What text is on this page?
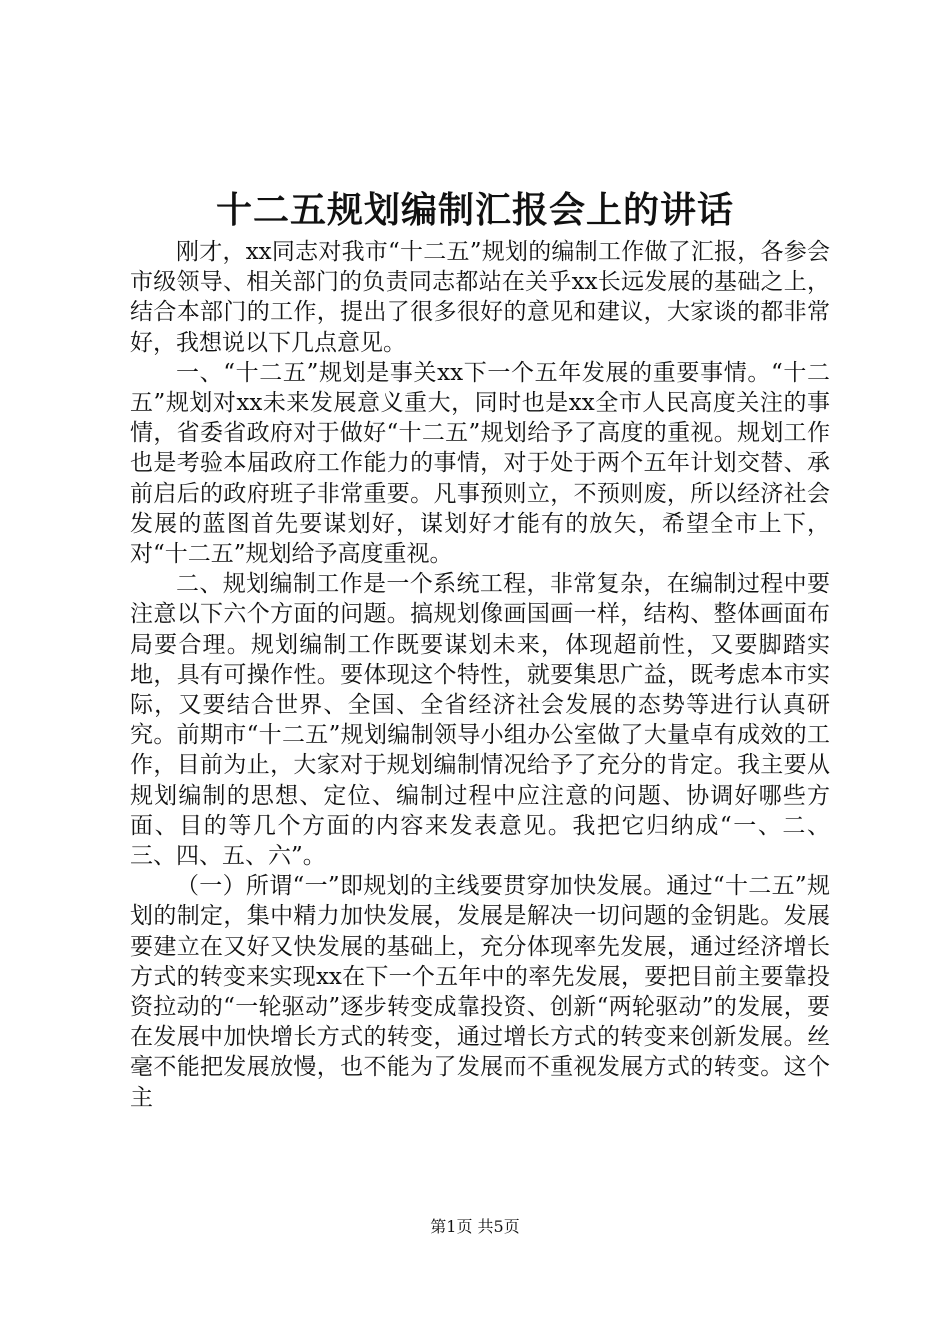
十二五规划编制汇报会上的讲话

刚才，xx同志对我市“十二五”规划的编制工作做了汇报，各参会市级领导、相关部门的负责同志都站在关乎xx长远发展的基础之上，结合本部门的工作，提出了很多很好的意见和建议，大家谈的都非常好，我想说以下几点意见。

一、“十二五”规划是事关xx下一个五年发展的重要事情。“十二五”规划对xx未来发展意义重大，同时也是xx全市人民高度关注的事情，省委省政府对于做好“十二五”规划给予了高度的重视。规划工作也是考验本届政府工作能力的事情，对于处于两个五年计划交替、承前启后的政府班子非常重要。凡事预则立，不预则废，所以经济社会发展的蓝图首先要谋划好，谋划好才能有的放矢，希望全市上下，对“十二五”规划给予高度重视。

二、规划编制工作是一个系统工程，非常复杂，在编制过程中要注意以下六个方面的问题。搞规划像画国画一样，结构、整体画面布局要合理。规划编制工作既要谋划未来，体现超前性，又要脚踏实地，具有可操作性。要体现这个特性，就要集思广益，既考虑本市实际，又要结合世界、全国、全省经济社会发展的态势等进行认真研究。前期市“十二五”规划编制领导小组办公室做了大量卓有成效的工作，目前为止，大家对于规划编制情况给予了充分的肯定。我主要从规划编制的思想、定位、编制过程中应注意的问题、协调好哪些方面、目的等几个方面的内容来发表意见。我把它归纳成“一、二、三、四、五、六”。

（一）所谓“一”即规划的主线要贯穿加快发展。通过“十二五”规划的制定，集中精力加快发展，发展是解决一切问题的金钥匙。发展要建立在又好又快发展的基础上，充分体现率先发展，通过经济增长方式的转变来实现xx在下一个五年中的率先发展，要把目前主要靠投资拉动的“一轮驱动”逐步转变成靠投资、创新“两轮驱动”的发展，要在发展中加快增长方式的转变，通过增长方式的转变来创新发展。丝毫不能把发展放慢，也不能为了发展而不重视发展方式的转变。这个主

第1页 共5页
